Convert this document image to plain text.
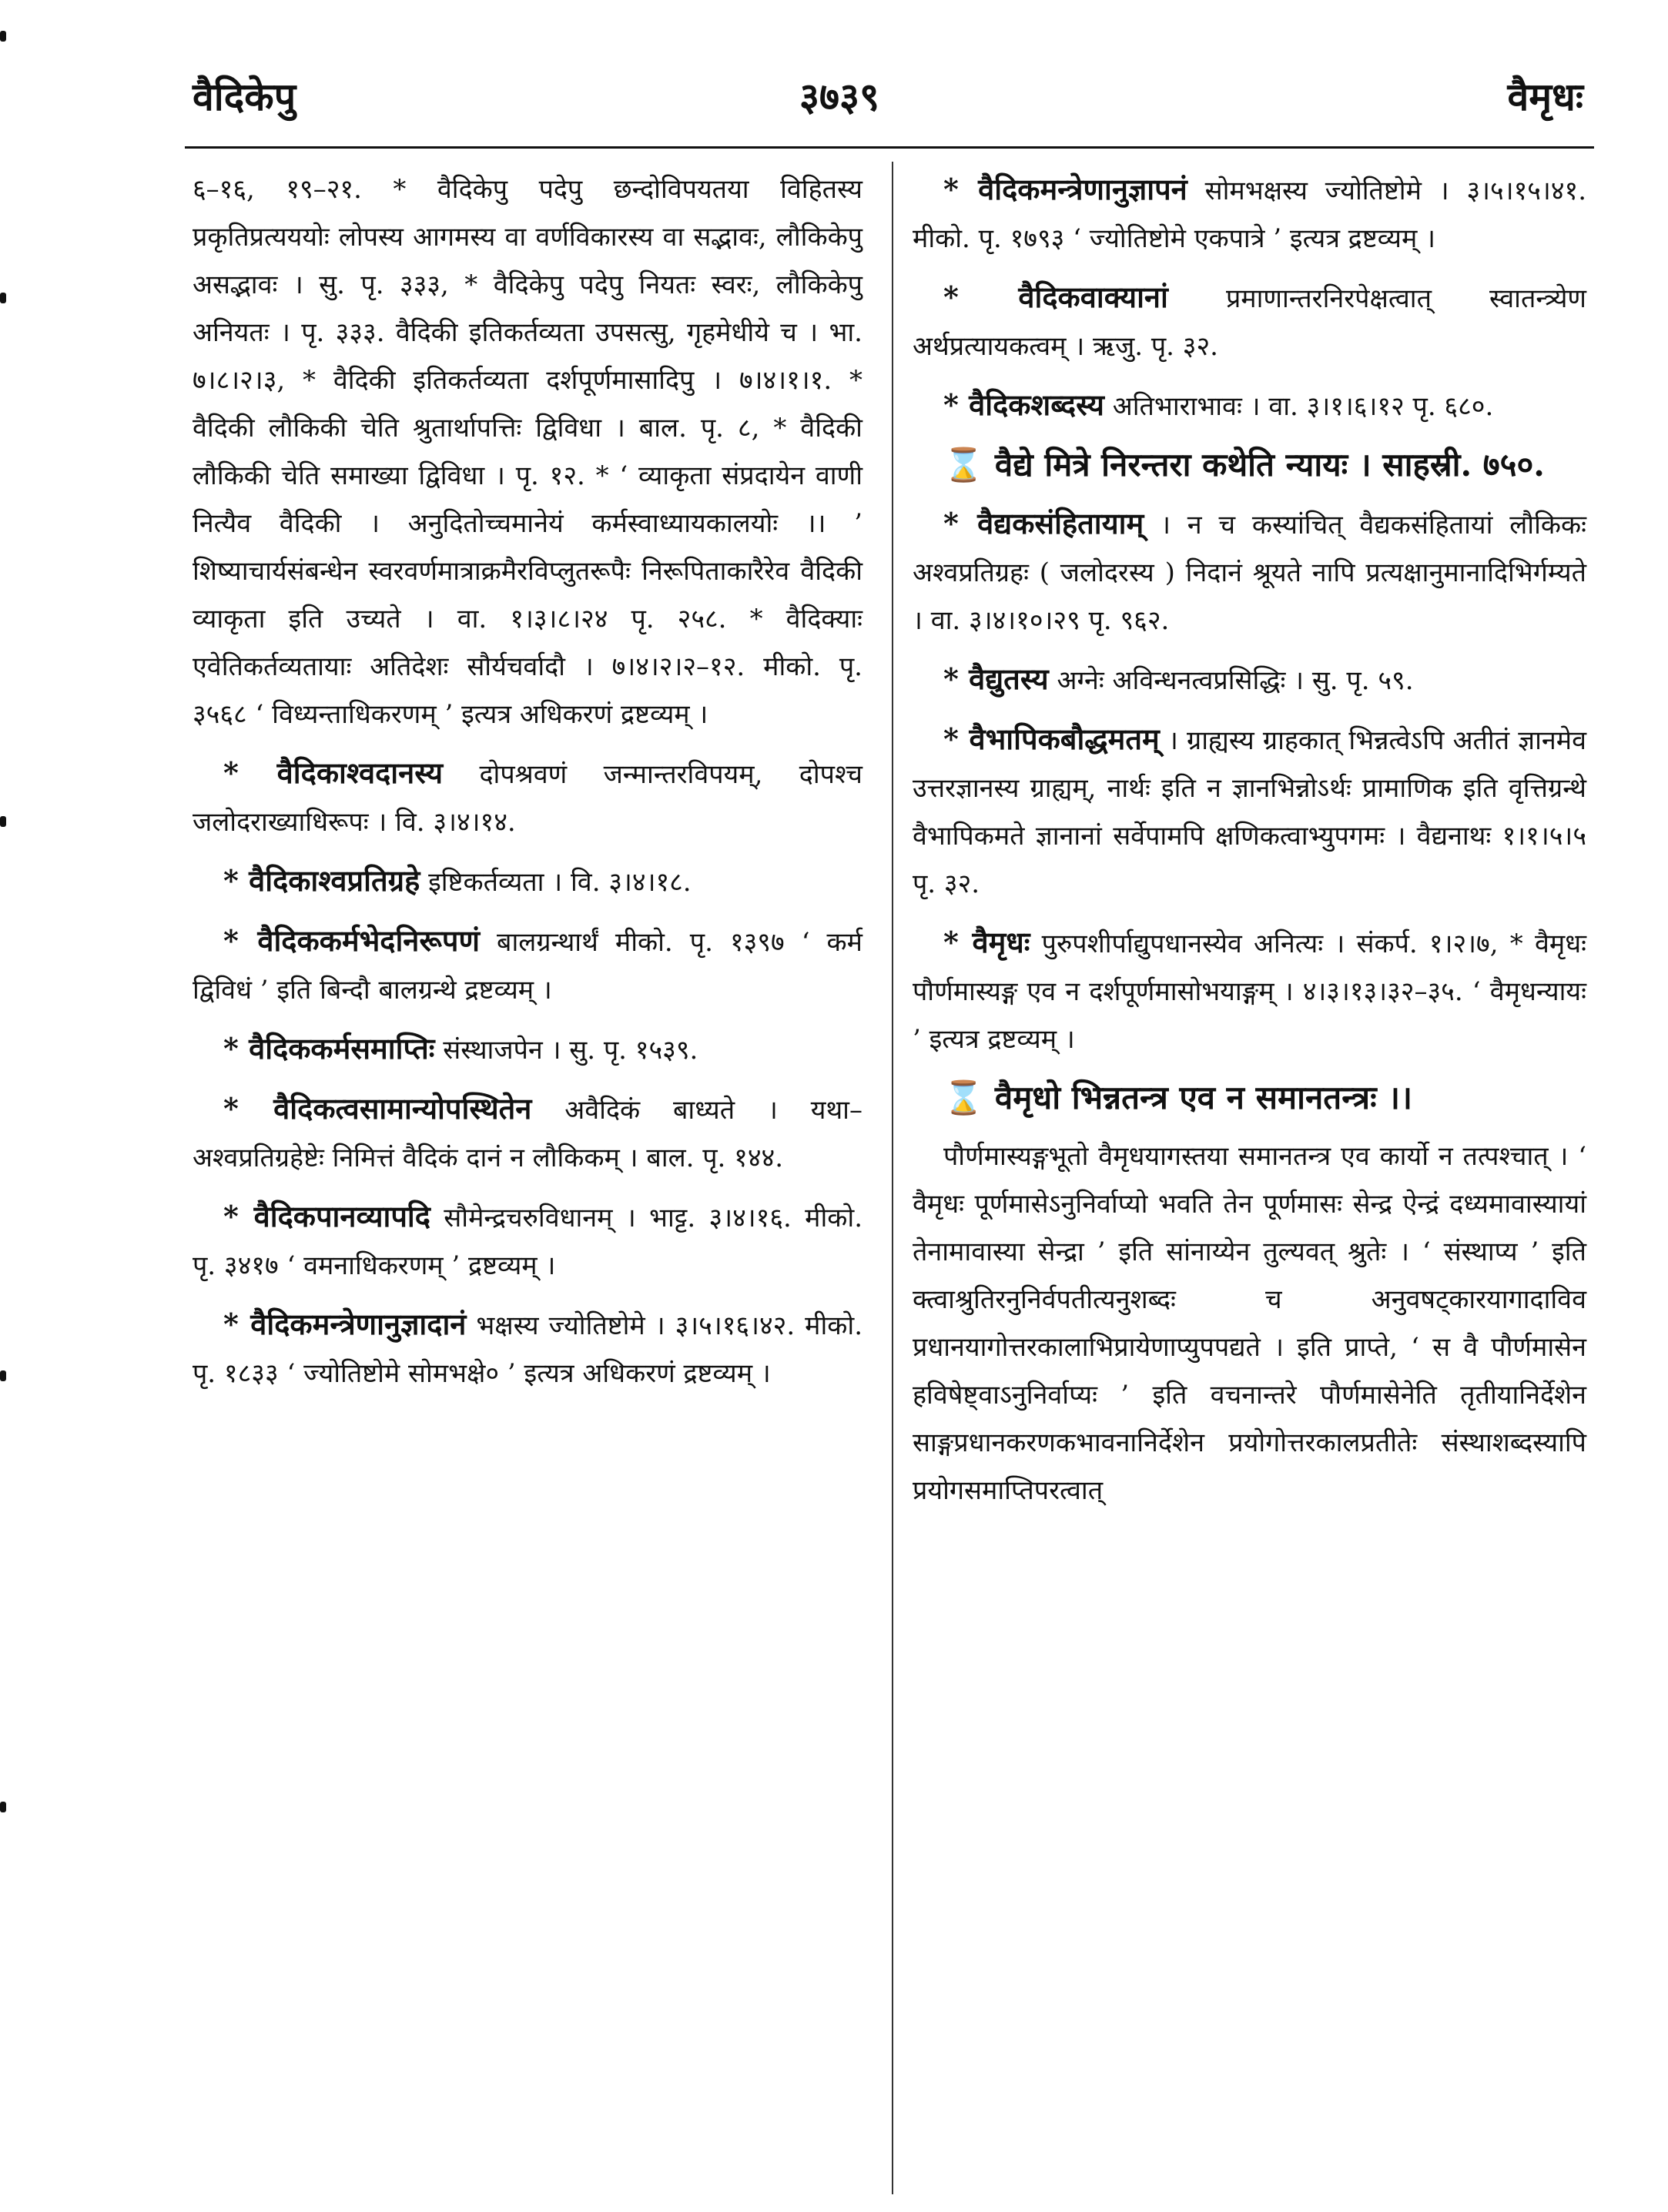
वैदिकेपु	३७३९	वैमृधः

६–१६, १९–२१. * वैदिकेपु पदेपु छन्दोविपयतया विहितस्य प्रकृतिप्रत्यययोः लोपस्य आगमस्य वा वर्णविकारस्य वा सद्भावः, लौकिकेपु असद्भावः । सु. पृ. ३३३, * वैदिकेपु पदेपु नियतः स्वरः, लौकिकेपु अनियतः । पृ. ३३३. वैदिकी इतिकर्तव्यता उपसत्सु, गृहमेधीये च । भा. ७।८।२।३, * वैदिकी इतिकर्तव्यता दर्शपूर्णमासादिपु । ७।४।१।१. * वैदिकी लौकिकी चेति श्रुतार्थापत्तिः द्विविधा । बाल. पृ. ८, * वैदिकी लौकिकी चेति समाख्या द्विविधा । पृ. १२. * ‘ व्याकृता संप्रदायेन वाणी नित्यैव वैदिकी । अनुदितोच्चमानेयं कर्मस्वाध्यायकालयोः ।। ’ शिष्याचार्यसंबन्धेन स्वरवर्णमात्राक्रमैरविप्लुतरूपैः निरूपिताकारैरेव वैदिकी व्याकृता इति उच्यते । वा. १।३।८।२४ पृ. २५८. * वैदिक्याः एवेतिकर्तव्यतायाः अतिदेशः सौर्यचर्वादौ । ७।४।२।२–१२. मीको. पृ. ३५६८ ‘ विध्यन्ताधिकरणम् ’ इत्यत्र अधिकरणं द्रष्टव्यम् ।

* वैदिकाश्वदानस्य दोपश्रवणं जन्मान्तरविपयम्, दोपश्च जलोदराख्याधिरूपः । वि. ३।४।१४.

* वैदिकाश्वप्रतिग्रहे इष्टिकर्तव्यता । वि. ३।४।१८.

* वैदिककर्मभेदनिरूपणं बालग्रन्थार्थं मीको. पृ. १३९७ ‘ कर्म द्विविधं ’ इति बिन्दौ बालग्रन्थे द्रष्टव्यम् ।

* वैदिककर्मसमाप्तिः संस्थाजपेन । सु. पृ. १५३९.

* वैदिकत्वसामान्योपस्थितेन अवैदिकं बाध्यते । यथा– अश्वप्रतिग्रहेष्टेः निमित्तं वैदिकं दानं न लौकिकम् । बाल. पृ. १४४.

* वैदिकपानव्यापदि सौमेन्द्रचरुविधानम् । भाट्ट. ३।४।१६. मीको. पृ. ३४१७ ‘ वमनाधिकरणम् ’ द्रष्टव्यम् ।

* वैदिकमन्त्रेणानुज्ञादानं भक्षस्य ज्योतिष्टोमे । ३।५।१६।४२. मीको. पृ. १८३३ ‘ ज्योतिष्टोमे सोमभक्षे० ’ इत्यत्र अधिकरणं द्रष्टव्यम् ।

* वैदिकमन्त्रेणानुज्ञापनं सोमभक्षस्य ज्योतिष्टोमे । ३।५।१५।४१. मीको. पृ. १७९३ ‘ ज्योतिष्टोमे एकपात्रे ’ इत्यत्र द्रष्टव्यम् ।

* वैदिकवाक्यानां प्रमाणान्तरनिरपेक्षत्वात् स्वातन्त्र्येण अर्थप्रत्यायकत्वम् । ऋजु. पृ. ३२.

* वैदिकशब्दस्य अतिभाराभावः । वा. ३।१।६।१२ पृ. ६८०.

⌛ वैद्ये मित्रे निरन्तरा कथेति न्यायः । साहस्री. ७५०.

* वैद्यकसंहितायाम् । न च कस्यांचित् वैद्यकसंहितायां लौकिकः अश्वप्रतिग्रहः ( जलोदरस्य ) निदानं श्रूयते नापि प्रत्यक्षानुमानादिभिर्गम्यते । वा. ३।४।१०।२९ पृ. ९६२.

* वैद्युतस्य अग्नेः अविन्धनत्वप्रसिद्धिः । सु. पृ. ५९.

* वैभापिकबौद्धमतम् । ग्राह्यस्य ग्राहकात् भिन्नत्वेऽपि अतीतं ज्ञानमेव उत्तरज्ञानस्य ग्राह्यम्, नार्थः इति न ज्ञानभिन्नोऽर्थः प्रामाणिक इति वृत्तिग्रन्थे वैभापिकमते ज्ञानानां सर्वेपामपि क्षणिकत्वाभ्युपगमः । वैद्यनाथः १।१।५।५ पृ. ३२.

* वैमृधः पुरुपशीर्पाद्युपधानस्येव अनित्यः । संकर्प. १।२।७, * वैमृधः पौर्णमास्यङ्ग एव न दर्शपूर्णमासोभयाङ्गम् । ४।३।१३।३२–३५. ‘ वैमृधन्यायः ’ इत्यत्र द्रष्टव्यम् ।

⌛ वैमृधो भिन्नतन्त्र एव न समानतन्त्रः ।।

पौर्णमास्यङ्गभूतो वैमृधयागस्तया समानतन्त्र एव कार्यो न तत्पश्चात् । ‘ वैमृधः पूर्णमासेऽनुनिर्वाप्यो भवति तेन पूर्णमासः सेन्द्र ऐन्द्रं दध्यमावास्यायां तेनामावास्या सेन्द्रा ’ इति सांनाय्येन तुल्यवत् श्रुतेः । ‘ संस्थाप्य ’ इति क्त्वाश्रुतिरनुनिर्वपतीत्यनुशब्दः च अनुवषट्कारयागादाविव प्रधानयागोत्तरकालाभिप्रायेणाप्युपपद्यते । इति प्राप्ते, ‘ स वै पौर्णमासेन हविषेष्ट्वाऽनुनिर्वाप्यः ’ इति वचनान्तरे पौर्णमासेनेति तृतीयानिर्देशेन साङ्गप्रधानकरणकभावनानिर्देशेन प्रयोगोत्तरकालप्रतीतेः संस्थाशब्दस्यापि प्रयोगसमाप्तिपरत्वात्
